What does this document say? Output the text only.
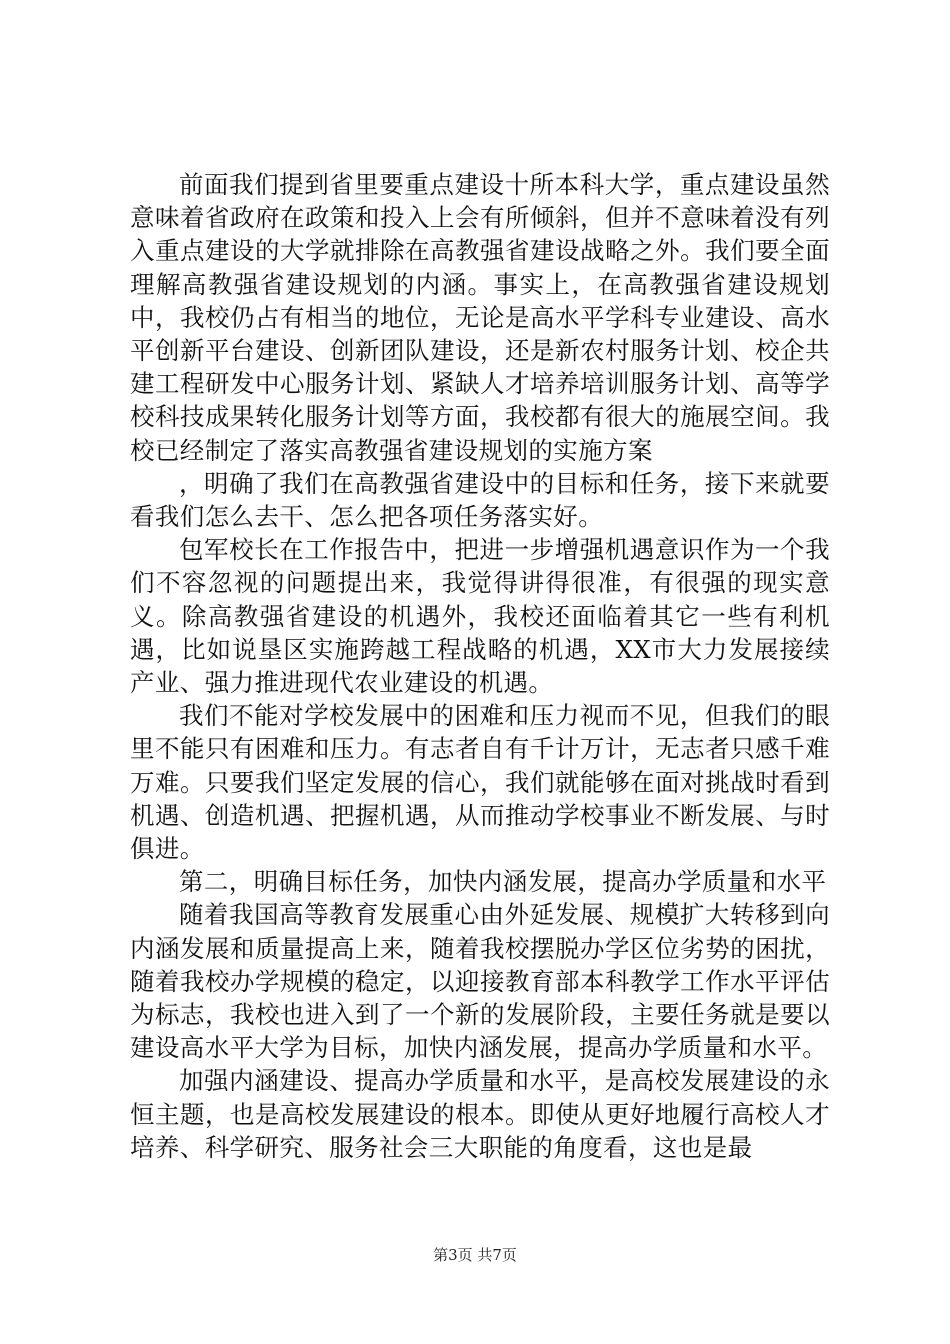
前面我们提到省里要重点建设十所本科大学，重点建设虽然意味着省政府在政策和投入上会有所倾斜，但并不意味着没有列入重点建设的大学就排除在高教强省建设战略之外。我们要全面理解高教强省建设规划的内涵。事实上，在高教强省建设规划中，我校仍占有相当的地位，无论是高水平学科专业建设、高水平创新平台建设、创新团队建设，还是新农村服务计划、校企共建工程研发中心服务计划、紧缺人才培养培训服务计划、高等学校科技成果转化服务计划等方面，我校都有很大的施展空间。我校已经制定了落实高教强省建设规划的实施方案

，明确了我们在高教强省建设中的目标和任务，接下来就要看我们怎么去干、怎么把各项任务落实好。

包军校长在工作报告中，把进一步增强机遇意识作为一个我们不容忽视的问题提出来，我觉得讲得很准，有很强的现实意义。除高教强省建设的机遇外，我校还面临着其它一些有利机遇，比如说垦区实施跨越工程战略的机遇，XX市大力发展接续产业、强力推进现代农业建设的机遇。

我们不能对学校发展中的困难和压力视而不见，但我们的眼里不能只有困难和压力。有志者自有千计万计，无志者只感千难万难。只要我们坚定发展的信心，我们就能够在面对挑战时看到机遇、创造机遇、把握机遇，从而推动学校事业不断发展、与时俱进。

第二，明确目标任务，加快内涵发展，提高办学质量和水平

随着我国高等教育发展重心由外延发展、规模扩大转移到向内涵发展和质量提高上来，随着我校摆脱办学区位劣势的困扰，随着我校办学规模的稳定，以迎接教育部本科教学工作水平评估为标志，我校也进入到了一个新的发展阶段，主要任务就是要以建设高水平大学为目标，加快内涵发展，提高办学质量和水平。

加强内涵建设、提高办学质量和水平，是高校发展建设的永恒主题，也是高校发展建设的根本。即使从更好地履行高校人才培养、科学研究、服务社会三大职能的角度看，这也是最

第3页 共7页
